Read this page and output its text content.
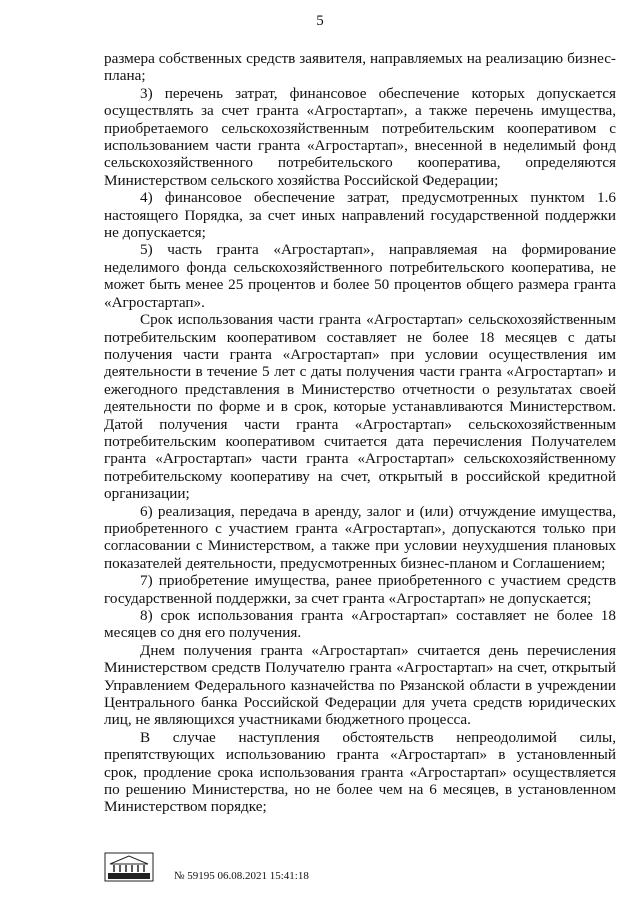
5

размера собственных средств заявителя, направляемых на реализацию бизнес-плана;

3) перечень затрат, финансовое обеспечение которых допускается осуществлять за счет гранта «Агростартап», а также перечень имущества, приобретаемого сельскохозяйственным потребительским кооперативом с использованием части гранта «Агростартап», внесенной в неделимый фонд сельскохозяйственного потребительского кооператива, определяются Министерством сельского хозяйства Российской Федерации;

4) финансовое обеспечение затрат, предусмотренных пунктом 1.6 настоящего Порядка, за счет иных направлений государственной поддержки не допускается;

5) часть гранта «Агростартап», направляемая на формирование неделимого фонда сельскохозяйственного потребительского кооператива, не может быть менее 25 процентов и более 50 процентов общего размера гранта «Агростартап».

Срок использования части гранта «Агростартап» сельскохозяйственным потребительским кооперативом составляет не более 18 месяцев с даты получения части гранта «Агростартап» при условии осуществления им деятельности в течение 5 лет с даты получения части гранта «Агростартап» и ежегодного представления в Министерство отчетности о результатах своей деятельности по форме и в срок, которые устанавливаются Министерством. Датой получения части гранта «Агростартап» сельскохозяйственным потребительским кооперативом считается дата перечисления Получателем гранта «Агростартап» части гранта «Агростартап» сельскохозяйственному потребительскому кооперативу на счет, открытый в российской кредитной организации;

6) реализация, передача в аренду, залог и (или) отчуждение имущества, приобретенного с участием гранта «Агростартап», допускаются только при согласовании с Министерством, а также при условии неухудшения плановых показателей деятельности, предусмотренных бизнес-планом и Соглашением;

7) приобретение имущества, ранее приобретенного с участием средств государственной поддержки, за счет гранта «Агростартап» не допускается;

8) срок использования гранта «Агростартап» составляет не более 18 месяцев со дня его получения.

Днем получения гранта «Агростартап» считается день перечисления Министерством средств Получателю гранта «Агростартап» на счет, открытый Управлением Федерального казначейства по Рязанской области в учреждении Центрального банка Российской Федерации для учета средств юридических лиц, не являющихся участниками бюджетного процесса.

В случае наступления обстоятельств непреодолимой силы, препятствующих использованию гранта «Агростартап» в установленный срок, продление срока использования гранта «Агростартап» осуществляется по решению Министерства, но не более чем на 6 месяцев, в установленном Министерством порядке;

№ 59195 06.08.2021 15:41:18
